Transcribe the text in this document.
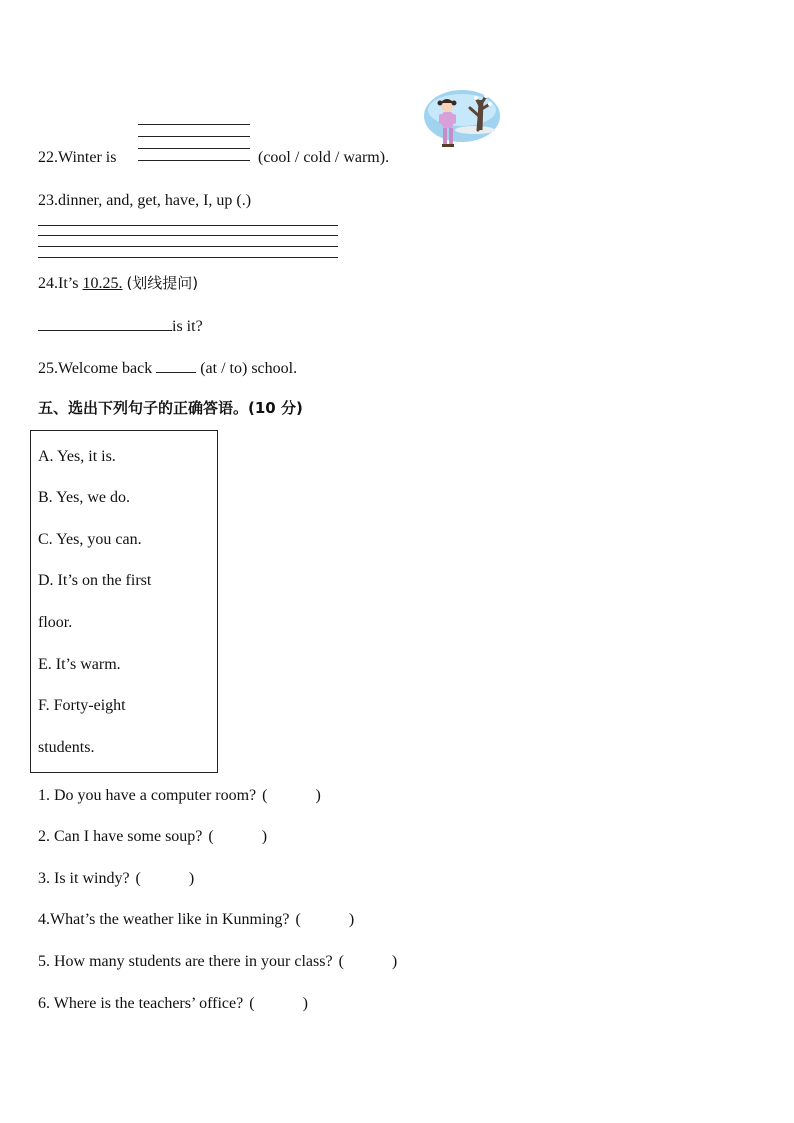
22.Winter is	(cool / cold / warm).
23.dinner, and, get, have, I, up (.)
24.It’s 10.25. (划线提问)
is it?
25.Welcome back	(at / to) school.
五、选出下列句子的正确答语。(10 分)
A. Yes, it is.
B. Yes, we do.
C. Yes, you can.
D. It’s on the first
floor.
E. It’s warm.
F. Forty-eight
students.
1. Do you have a computer room? (	)
2. Can I have some soup? (	)
3. Is it windy? (	)
4.What’s the weather like in Kunming? (	)
5. How many students are there in your class? (	)
6. Where is the teachers’ office? (	)
